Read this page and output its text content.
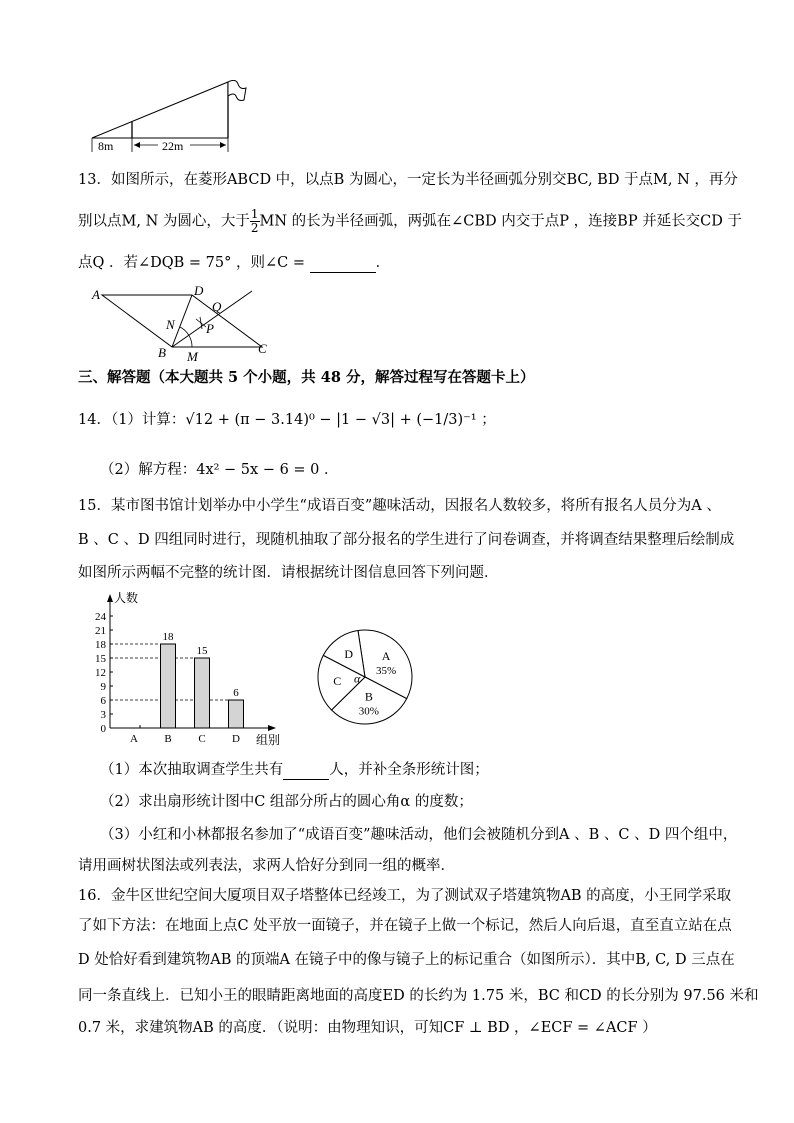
8m	22m
13．如图所示，在菱形ABCD 中，以点B 为圆心，一定长为半径画弧分别交BC, BD 于点M, N ，再分
别以点M, N 为圆心，大于 $\frac{1}{2}$ MN 的长为半径画弧，两弧在∠CBD 内交于点P ，连接BP 并延长交CD 于
点Q ．若∠DQB = 75° ，则∠C =	．
A	D
Q
N P
B M
C
三、解答题（本大题共 5 个小题，共 48 分，解答过程写在答题卡上）
14．（1）计算：√12 + (π − 3.14)⁰ − |1 − √3| + (−1/3)⁻¹ ；
（2）解方程：4x² − 5x − 6 = 0 ．
15．某市图书馆计划举办中小学生“成语百变”趣味活动，因报名人数较多，将所有报名人员分为A 、
B 、C 、D 四组同时进行，现随机抽取了部分报名的学生进行了问卷调查，并将调查结果整理后绘制成
如图所示两幅不完整的统计图．请根据统计图信息回答下列问题．
人数
组别
0
3
6
9
12
15
18
21
24
18
15
6
A B C D
A
35%
B
30%
C
D
α
（1）本次抽取调查学生共有	人，并补全条形统计图；
（2）求出扇形统计图中C 组部分所占的圆心角α 的度数；
（3）小红和小林都报名参加了“成语百变”趣味活动，他们会被随机分到A 、B 、C 、D 四个组中，
请用画树状图法或列表法，求两人恰好分到同一组的概率．
16．金牛区世纪空间大厦项目双子塔整体已经竣工，为了测试双子塔建筑物AB 的高度，小王同学采取
了如下方法：在地面上点C 处平放一面镜子，并在镜子上做一个标记，然后人向后退，直至直立站在点
D 处恰好看到建筑物AB 的顶端A 在镜子中的像与镜子上的标记重合（如图所示）．其中B, C, D 三点在
同一条直线上．已知小王的眼睛距离地面的高度ED 的长约为 1.75 米，BC 和CD 的长分别为 97.56 米和
0.7 米，求建筑物AB 的高度．（说明：由物理知识，可知CF ⊥ BD ，∠ECF = ∠ACF ）
